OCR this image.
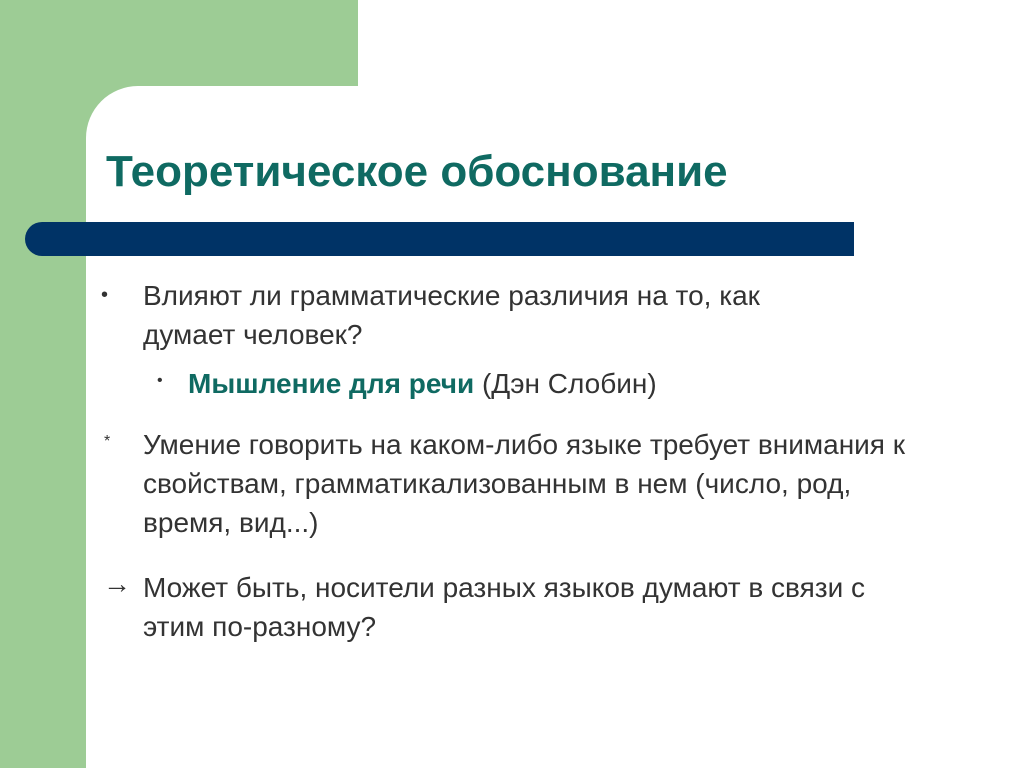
Теоретическое обоснование
• Влияют ли грамматические различия на то, как думает человек?
• Мышление для речи (Дэн Слобин)
* Умение говорить на каком-либо языке требует внимания к свойствам, грамматикализованным в нем (число, род, время, вид...)
→ Может быть, носители разных языков думают в связи с этим по-разному?
